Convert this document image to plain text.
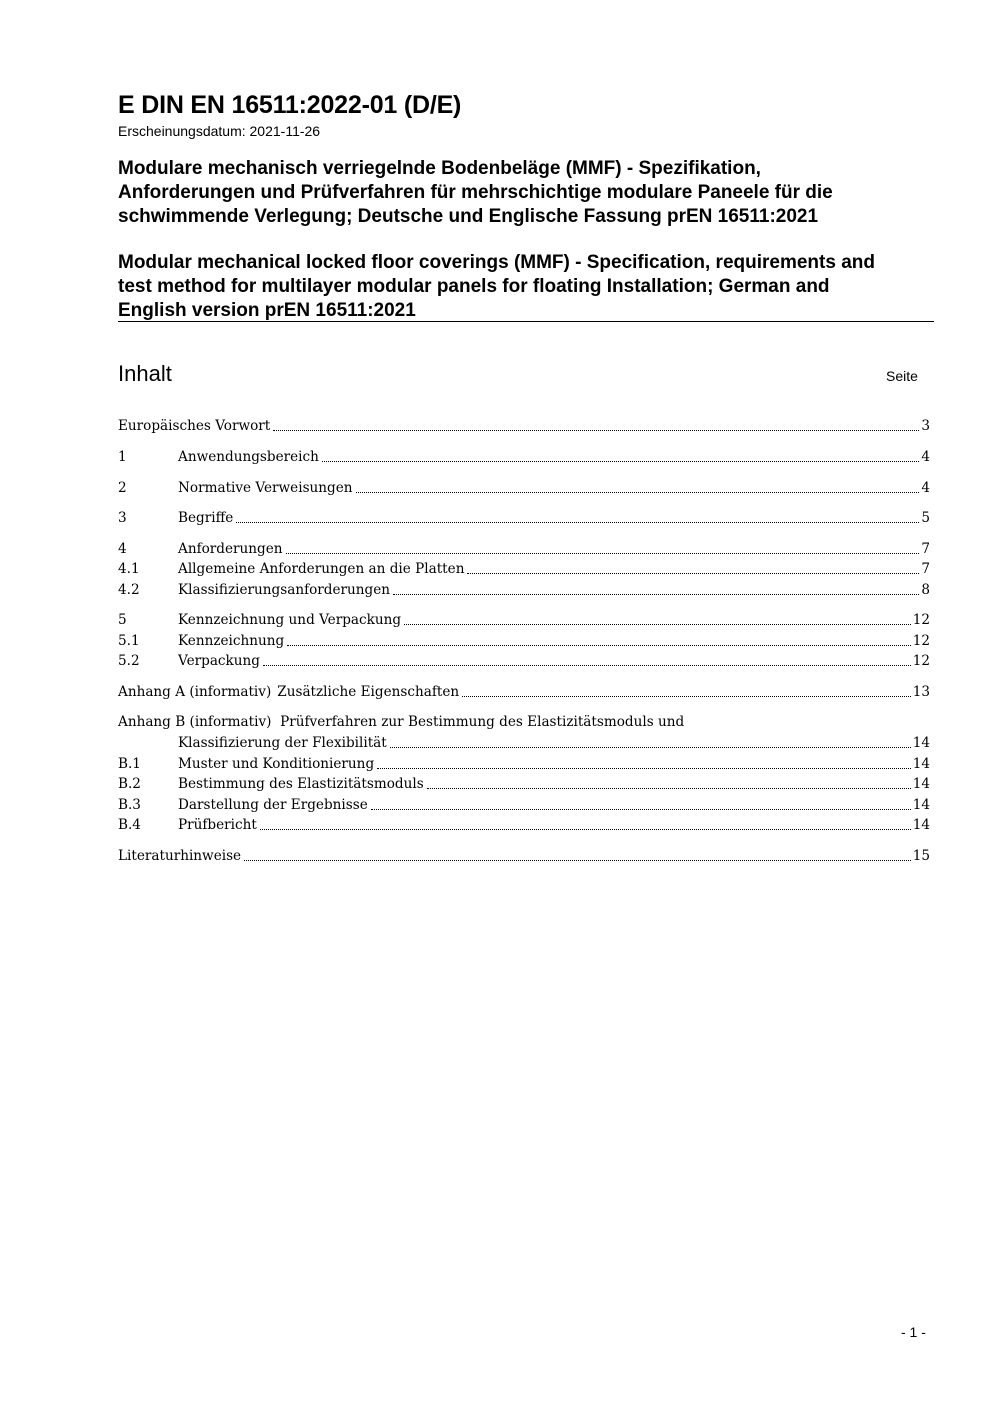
E DIN EN 16511:2022-01 (D/E)
Erscheinungsdatum: 2021-11-26
Modulare mechanisch verriegelnde Bodenbeläge (MMF) - Spezifikation,
Anforderungen und Prüfverfahren für mehrschichtige modulare Paneele für die
schwimmende Verlegung; Deutsche und Englische Fassung prEN 16511:2021
Modular mechanical locked floor coverings (MMF) - Specification, requirements and
test method for multilayer modular panels for floating Installation; German and
English version prEN 16511:2021
Inhalt	Seite
Europäisches Vorwort	3
1	Anwendungsbereich	4
2	Normative Verweisungen	4
3	Begriffe	5
4	Anforderungen	7
4.1	Allgemeine Anforderungen an die Platten	7
4.2	Klassifizierungsanforderungen	8
5	Kennzeichnung und Verpackung	12
5.1	Kennzeichnung	12
5.2	Verpackung	12
Anhang A (informativ) Zusätzliche Eigenschaften	13
Anhang B (informativ) Prüfverfahren zur Bestimmung des Elastizitätsmoduls und
Klassifizierung der Flexibilität	14
B.1	Muster und Konditionierung	14
B.2	Bestimmung des Elastizitätsmoduls	14
B.3	Darstellung der Ergebnisse	14
B.4	Prüfbericht	14
Literaturhinweise	15
- 1 -
